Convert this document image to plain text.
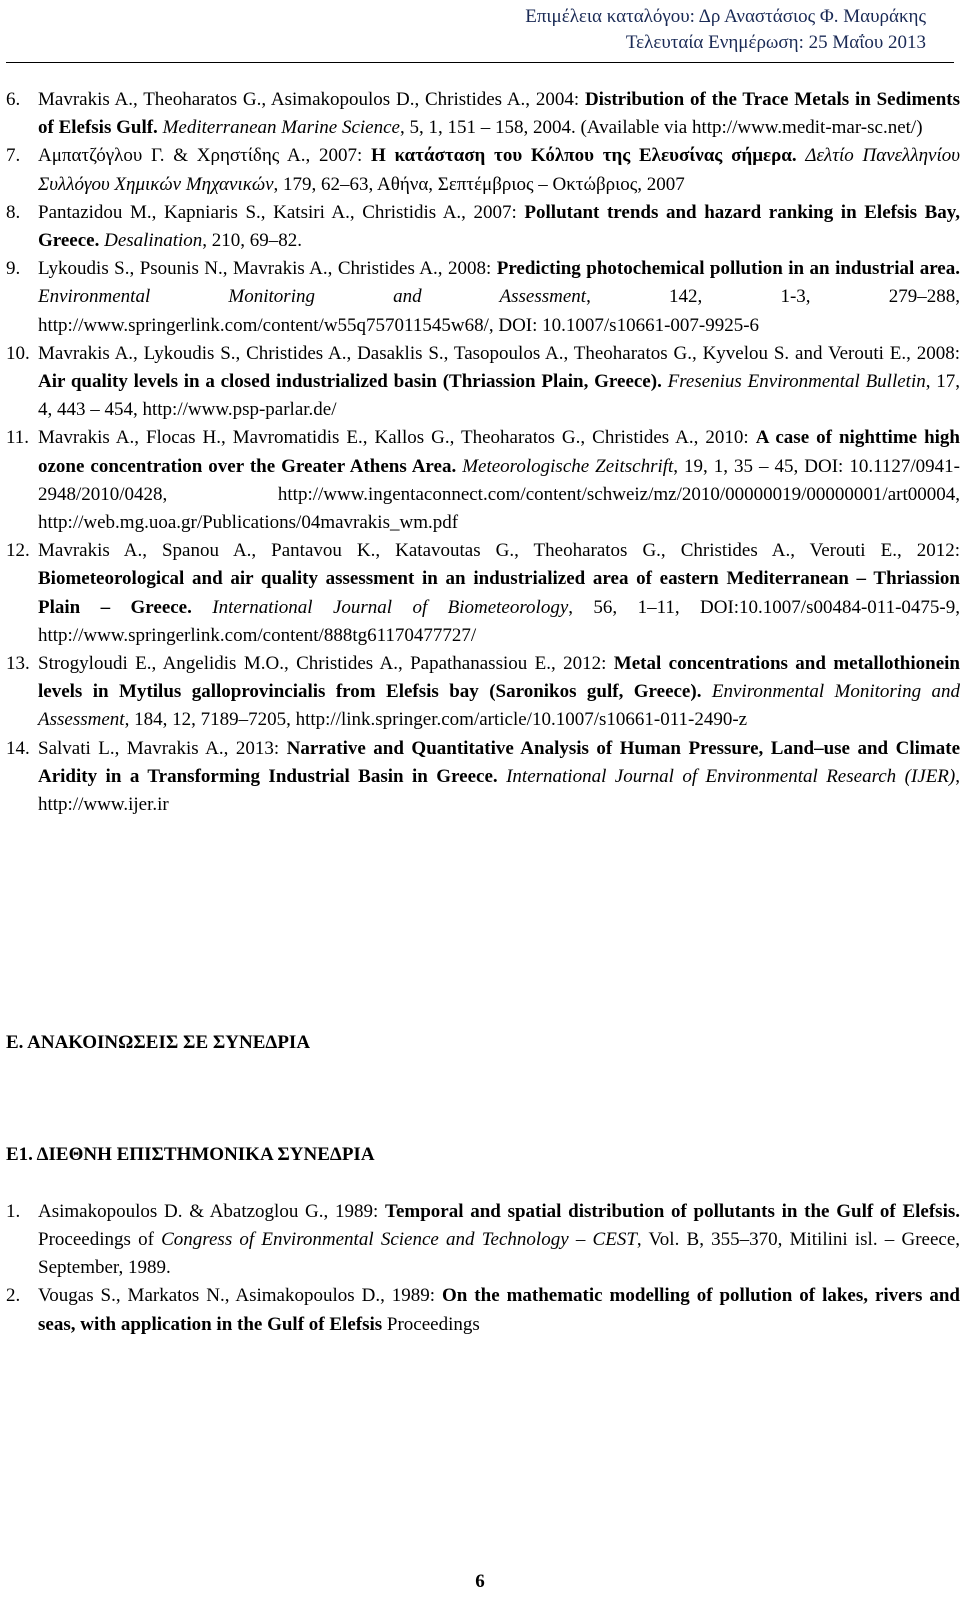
Επιμέλεια καταλόγου: Δρ Αναστάσιος Φ. Μαυράκης
Τελευταία Ενημέρωση: 25 Μαΐου 2013

6. Mavrakis A., Theoharatos G., Asimakopoulos D., Christides A., 2004: Distribution of the Trace Metals in Sediments of Elefsis Gulf. Mediterranean Marine Science, 5, 1, 151 – 158, 2004. (Available via http://www.medit-mar-sc.net/)

7. Αμπατζόγλου Γ. & Χρηστίδης Α., 2007: Η κατάσταση του Κόλπου της Ελευσίνας σήμερα. Δελτίο Πανελληνίου Συλλόγου Χημικών Μηχανικών, 179, 62–63, Αθήνα, Σεπτέμβριος – Οκτώβριος, 2007

8. Pantazidou M., Kapniaris S., Katsiri A., Christidis A., 2007: Pollutant trends and hazard ranking in Elefsis Bay, Greece. Desalination, 210, 69–82.

9. Lykoudis S., Psounis N., Mavrakis A., Christides A., 2008: Predicting photochemical pollution in an industrial area. Environmental Monitoring and Assessment, 142, 1-3, 279–288, http://www.springerlink.com/content/w55q757011545w68/, DOI: 10.1007/s10661-007-9925-6

10. Mavrakis A., Lykoudis S., Christides A., Dasaklis S., Tasopoulos A., Theoharatos G., Kyvelou S. and Verouti E., 2008: Air quality levels in a closed industrialized basin (Thriassion Plain, Greece). Fresenius Environmental Bulletin, 17, 4, 443 – 454, http://www.psp-parlar.de/

11. Mavrakis A., Flocas H., Mavromatidis E., Kallos G., Theoharatos G., Christides A., 2010: A case of nighttime high ozone concentration over the Greater Athens Area. Meteorologische Zeitschrift, 19, 1, 35 – 45, DOI: 10.1127/0941-2948/2010/0428, http://www.ingentaconnect.com/content/schweiz/mz/2010/00000019/00000001/art00004, http://web.mg.uoa.gr/Publications/04mavrakis_wm.pdf

12. Mavrakis A., Spanou A., Pantavou K., Katavoutas G., Theoharatos G., Christides A., Verouti E., 2012: Biometeorological and air quality assessment in an industrialized area of eastern Mediterranean – Thriassion Plain – Greece. International Journal of Biometeorology, 56, 1–11, DOI:10.1007/s00484-011-0475-9, http://www.springerlink.com/content/888tg61170477727/

13. Strogyloudi E., Angelidis M.O., Christides A., Papathanassiou E., 2012: Metal concentrations and metallothionein levels in Mytilus galloprovincialis from Elefsis bay (Saronikos gulf, Greece). Environmental Monitoring and Assessment, 184, 12, 7189–7205, http://link.springer.com/article/10.1007/s10661-011-2490-z

14. Salvati L., Mavrakis A., 2013: Narrative and Quantitative Analysis of Human Pressure, Land–use and Climate Aridity in a Transforming Industrial Basin in Greece. International Journal of Environmental Research (IJER), http://www.ijer.ir

Ε. ΑΝΑΚΟΙΝΩΣΕΙΣ ΣΕ ΣΥΝΕΔΡΙΑ

Ε1. ΔΙΕΘΝΗ ΕΠΙΣΤΗΜΟΝΙΚΑ ΣΥΝΕΔΡΙΑ

1. Asimakopoulos D. & Abatzoglou G., 1989: Temporal and spatial distribution of pollutants in the Gulf of Elefsis. Proceedings of Congress of Environmental Science and Technology – CEST, Vol. B, 355–370, Mitilini isl. – Greece, September, 1989.

2. Vougas S., Markatos N., Asimakopoulos D., 1989: On the mathematic modelling of pollution of lakes, rivers and seas, with application in the Gulf of Elefsis Proceedings

6
